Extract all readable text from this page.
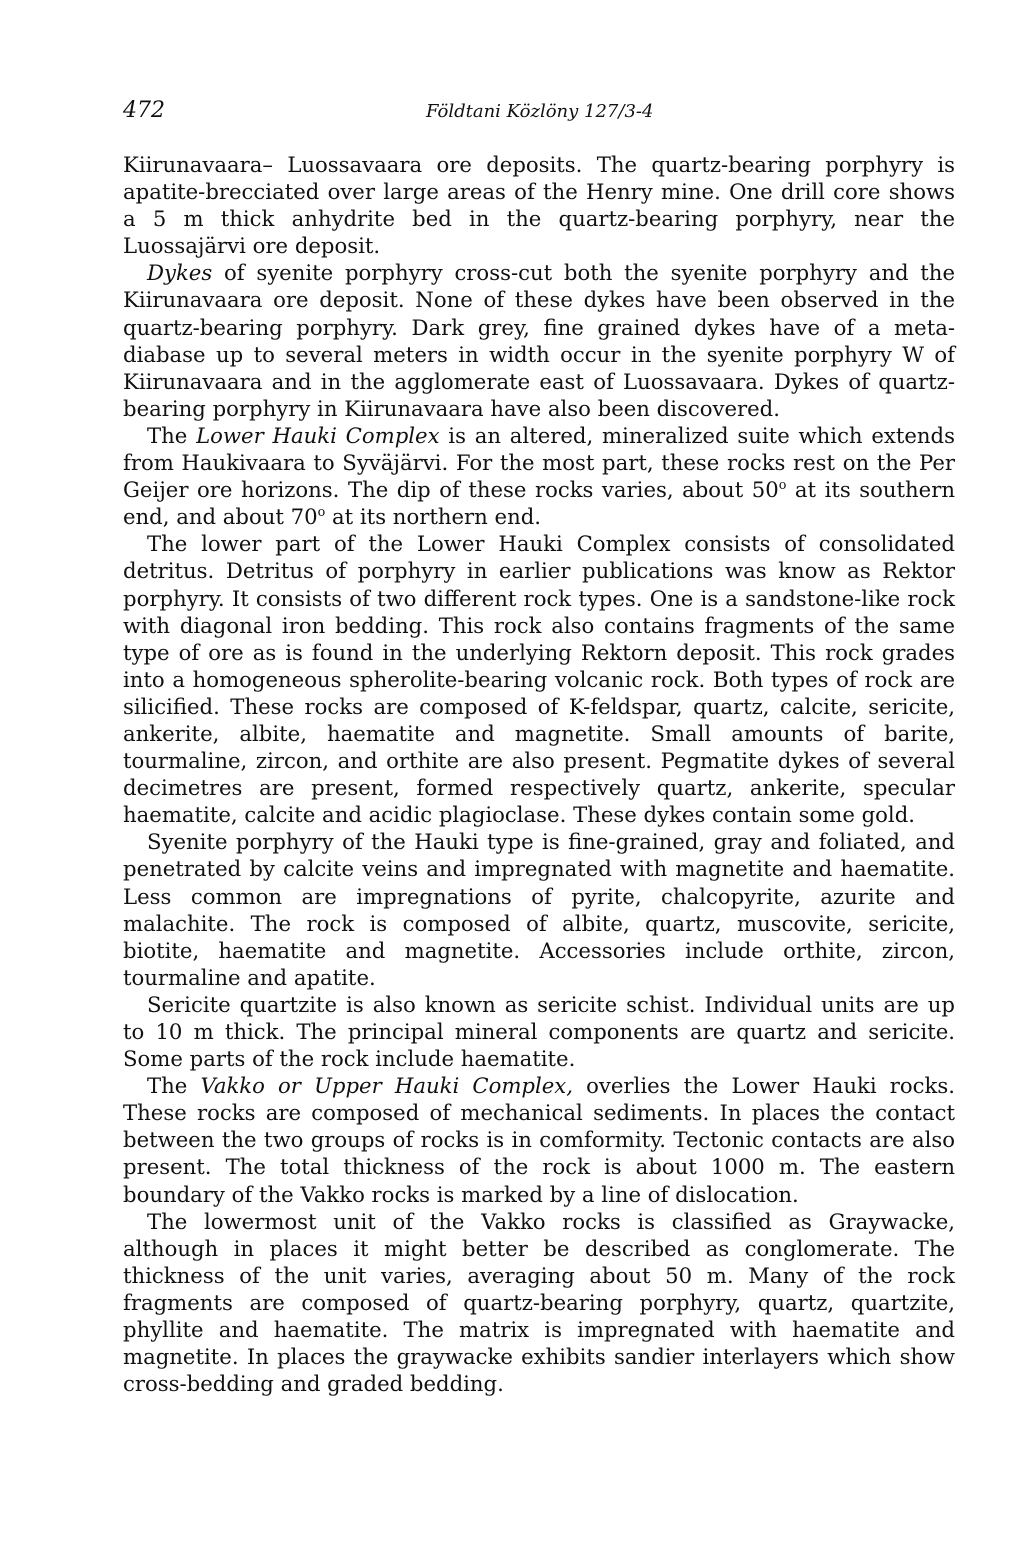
472	Földtani Közlöny 127/3-4

Kiirunavaara– Luossavaara ore deposits. The quartz-bearing porphyry is apatite-brecciated over large areas of the Henry mine. One drill core shows a 5 m thick anhydrite bed in the quartz-bearing porphyry, near the Luossajärvi ore deposit.

Dykes of syenite porphyry cross-cut both the syenite porphyry and the Kiirunavaara ore deposit. None of these dykes have been observed in the quartz-bearing porphyry. Dark grey, fine grained dykes have of a meta-diabase up to several meters in width occur in the syenite porphyry W of Kiirunavaara and in the agglomerate east of Luossavaara. Dykes of quartz-bearing porphyry in Kiirunavaara have also been discovered.

The Lower Hauki Complex is an altered, mineralized suite which extends from Haukivaara to Syväjärvi. For the most part, these rocks rest on the Per Geijer ore horizons. The dip of these rocks varies, about 50$^o$ at its southern end, and about 70$^o$ at its northern end.

The lower part of the Lower Hauki Complex consists of consolidated detritus. Detritus of porphyry in earlier publications was know as Rektor porphyry. It consists of two different rock types. One is a sandstone-like rock with diagonal iron bedding. This rock also contains fragments of the same type of ore as is found in the underlying Rektorn deposit. This rock grades into a homogeneous spherolite-bearing volcanic rock. Both types of rock are silicified. These rocks are composed of K-feldspar, quartz, calcite, sericite, ankerite, albite, haematite and magnetite. Small amounts of barite, tourmaline, zircon, and orthite are also present. Pegmatite dykes of several decimetres are present, formed respectively quartz, ankerite, specular haematite, calcite and acidic plagioclase. These dykes contain some gold.

Syenite porphyry of the Hauki type is fine-grained, gray and foliated, and penetrated by calcite veins and impregnated with magnetite and haematite. Less common are impregnations of pyrite, chalcopyrite, azurite and malachite. The rock is composed of albite, quartz, muscovite, sericite, biotite, haematite and magnetite. Accessories include orthite, zircon, tourmaline and apatite.

Sericite quartzite is also known as sericite schist. Individual units are up to 10 m thick. The principal mineral components are quartz and sericite. Some parts of the rock include haematite.

The Vakko or Upper Hauki Complex, overlies the Lower Hauki rocks. These rocks are composed of mechanical sediments. In places the contact between the two groups of rocks is in comformity. Tectonic contacts are also present. The total thickness of the rock is about 1000 m. The eastern boundary of the Vakko rocks is marked by a line of dislocation.

The lowermost unit of the Vakko rocks is classified as Graywacke, although in places it might better be described as conglomerate. The thickness of the unit varies, averaging about 50 m. Many of the rock fragments are composed of quartz-bearing porphyry, quartz, quartzite, phyllite and haematite. The matrix is impregnated with haematite and magnetite. In places the graywacke exhibits sandier interlayers which show cross-bedding and graded bedding.
